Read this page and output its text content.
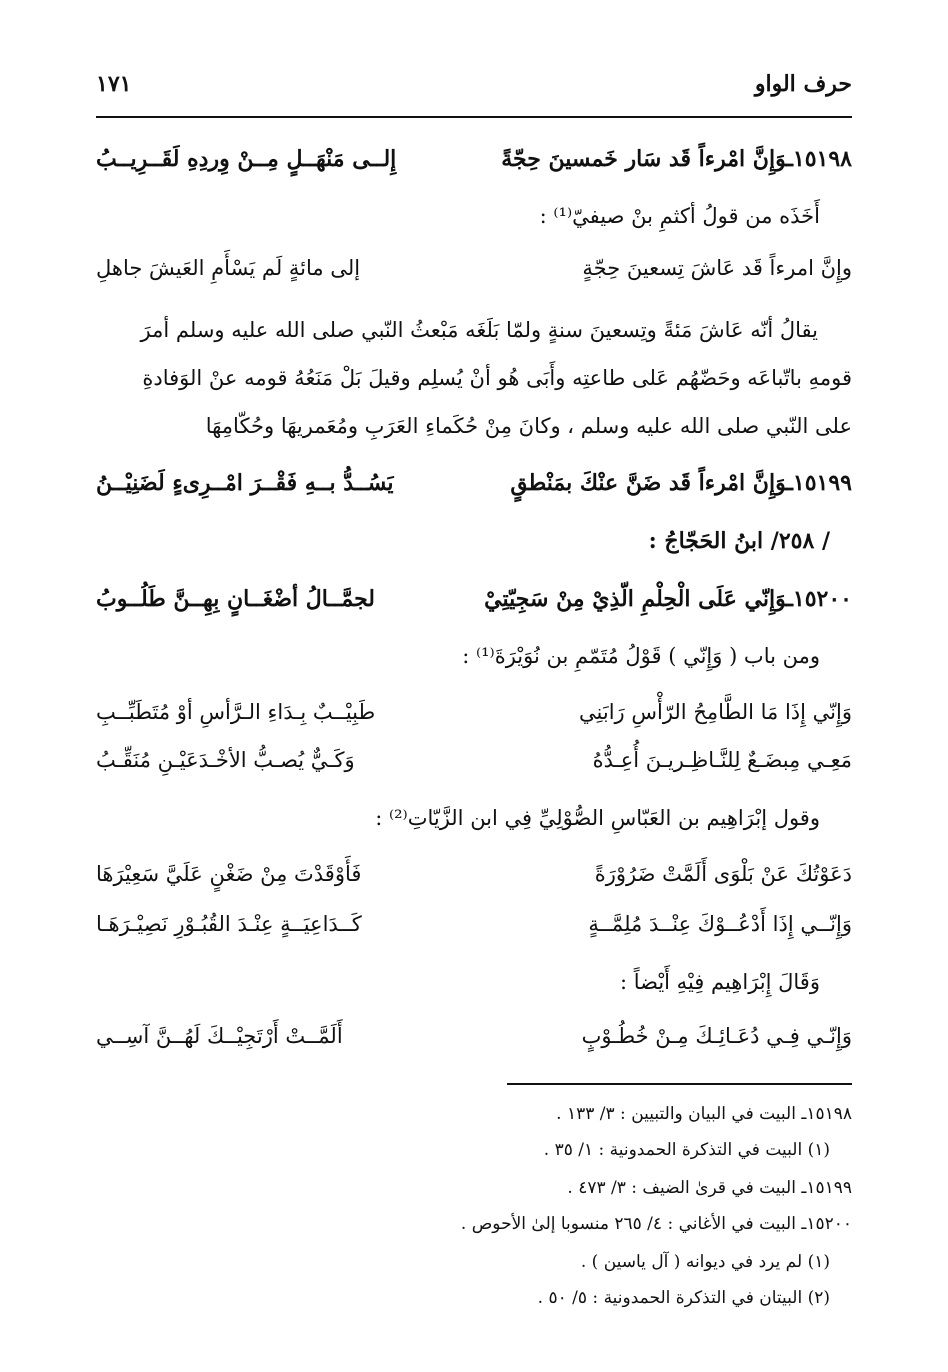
حرف الواو
١٧١
١٥١٩٨ـوَإِنَّ امْرءاً قَد سَار خَمسينَ حِجّةً
إِلــى مَنْهَــلٍ مِــنْ وِردِهِ لَقَــرِيــبُ
أَخَذَه من قولُ أكثمِ بنْ صيفيّ⁽¹⁾ :
وإِنَّ امرءاً قَد عَاشَ تِسعينَ حِجّةٍ
إلى مائةٍ لَم يَسْأَمِ العَيشَ جاهلِ
يقالُ أنّه عَاشَ مَئةً وتِسعينَ سنةٍ ولمّا بَلَغَه مَبْعثُ النّبي صلى الله عليه وسلم أمرَ
قومهِ باتّباعَه وحَضّهُم عَلى طاعتِه وأَبَى هُو أنْ يُسلِم وقيلَ بَلْ مَنَعُهُ قومه عنْ الوَفادةِ
على النّبي صلى الله عليه وسلم ، وكانَ مِنْ حُكَماءِ العَرَبِ ومُعَمريهَا وحُكّامِهَا
١٥١٩٩ـوَإِنَّ امْرءاً قَد ضَنَّ عنْكَ بمَنْطقٍ
يَسُــدُّ بــهِ فَقْــرَ امْــرِىءٍ لَضَنِيْــنُ
/ ٢٥٨/ ابنُ الحَجّاجُ :
١٥٢٠٠ـوَإِنّي عَلَى الْحِلْمِ الّذِيْ مِنْ سَجِيّتِيْ
لجمَّــالُ أضْغَــانٍ بِهِــنَّ طَلُــوبُ
ومن باب ( وَإِنّي ) قَوْلُ مُتَمّمِ بن نُوَيْرَةَ⁽¹⁾ :
وَإِنّي إِذَا مَا الطَّامِحُ الرّأْسِ رَابَنِي
طَبِيْــبٌ بِـدَاءِ الـرَّأسِ أوْ مُتَطَبِّــبِ
مَعِـي مِبضَـعٌ لِلنَّـاظِـريـنَ أُعِـدُّهُ
وَكَـيٌّ يُصـبُّ الأخْـدَعَيْـنِ مُنَقِّـبُ
وقول إبْرَاهِيم بن العَبّاسِ الصُّوْلِيِّ فِي ابن الزَّيّاتِ⁽²⁾ :
دَعَوْتُكَ عَنْ بَلْوَى أَلَمَّتْ ضَرُوْرَةً
فَأَوْقَدْتَ مِنْ ضَغْنٍ عَلَيَّ سَعِيْرَهَا
وَإِنّــي إِذَا أَدْعُــوْكَ عِنْــدَ مُلِمَّــةٍ
كَــدَاعِيَــةٍ عِنْـدَ القُبُـوْرِ نَصِيْـرَهَـا
وَقَالَ إِبْرَاهِيم فِيْهِ أَيْضاً :
وَإِنّـي فِـي دُعَـائِـكَ مِـنْ خُطُـوْبٍ
أَلَمَّــتْ أَرْتَجِيْــكَ لَهُــنَّ آسِــي
١٥١٩٨ـ البيت في البيان والتبيين : ٣/ ١٣٣ .
(١) البيت في التذكرة الحمدونية : ١/ ٣٥ .
١٥١٩٩ـ البيت في قرىٰ الضيف : ٣/ ٤٧٣ .
١٥٢٠٠ـ البيت في الأغاني : ٤/ ٢٦٥ منسوبا إلىٰ الأحوص .
(١) لم يرد في ديوانه ( آل ياسين ) .
(٢) البيتان في التذكرة الحمدونية : ٥/ ٥٠ .
